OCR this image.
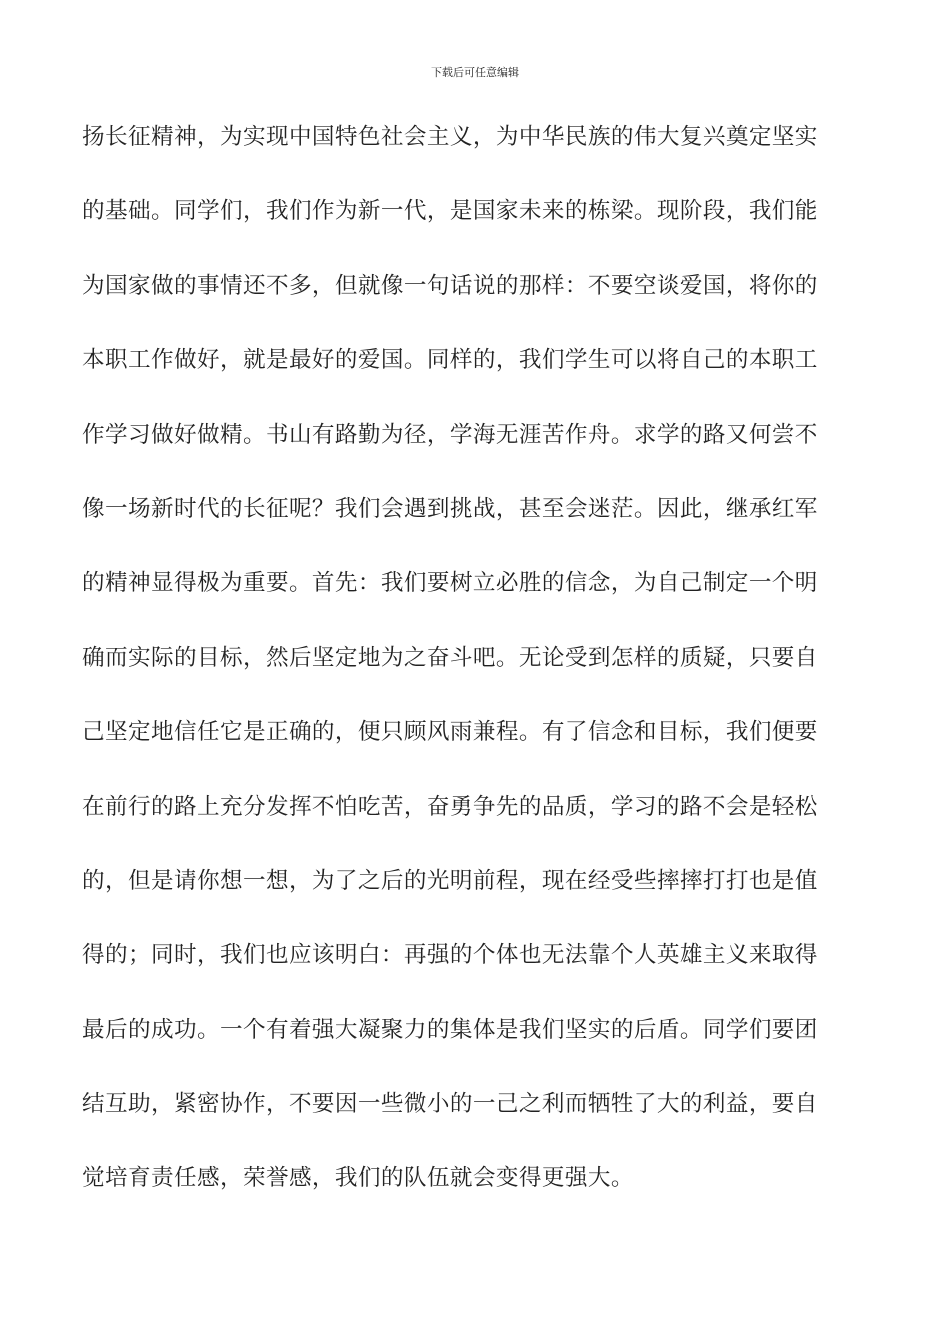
下载后可任意编辑
扬长征精神，为实现中国特色社会主义，为中华民族的伟大复兴奠定坚实
的基础。同学们，我们作为新一代，是国家未来的栋梁。现阶段，我们能
为国家做的事情还不多，但就像一句话说的那样：不要空谈爱国，将你的
本职工作做好，就是最好的爱国。同样的，我们学生可以将自己的本职工
作学习做好做精。书山有路勤为径，学海无涯苦作舟。求学的路又何尝不
像一场新时代的长征呢？我们会遇到挑战，甚至会迷茫。因此，继承红军
的精神显得极为重要。首先：我们要树立必胜的信念，为自己制定一个明
确而实际的目标，然后坚定地为之奋斗吧。无论受到怎样的质疑，只要自
己坚定地信任它是正确的，便只顾风雨兼程。有了信念和目标，我们便要
在前行的路上充分发挥不怕吃苦，奋勇争先的品质，学习的路不会是轻松
的，但是请你想一想，为了之后的光明前程，现在经受些摔摔打打也是值
得的；同时，我们也应该明白：再强的个体也无法靠个人英雄主义来取得
最后的成功。一个有着强大凝聚力的集体是我们坚实的后盾。同学们要团
结互助，紧密协作，不要因一些微小的一己之利而牺牲了大的利益，要自
觉培育责任感，荣誉感，我们的队伍就会变得更强大。
